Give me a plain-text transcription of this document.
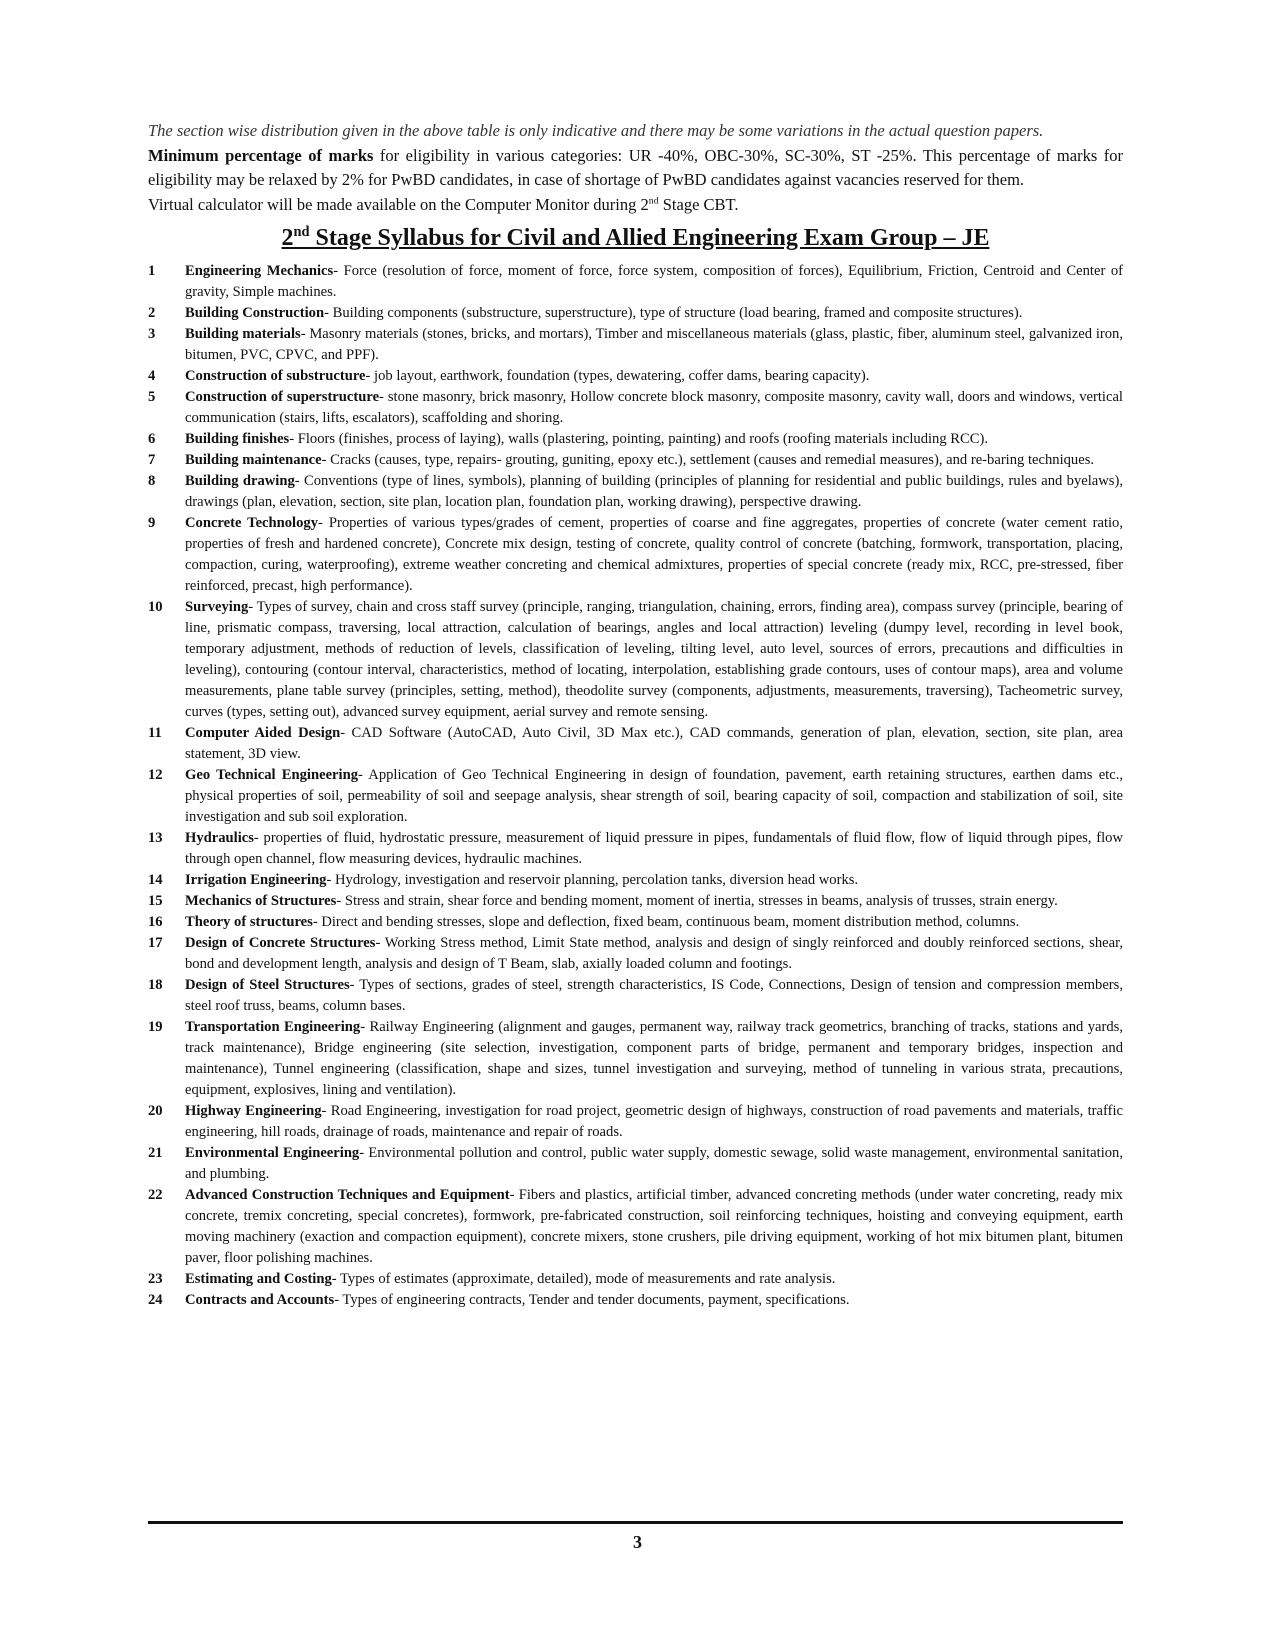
The section wise distribution given in the above table is only indicative and there may be some variations in the actual question papers.

Minimum percentage of marks for eligibility in various categories: UR -40%, OBC-30%, SC-30%, ST -25%. This percentage of marks for eligibility may be relaxed by 2% for PwBD candidates, in case of shortage of PwBD candidates against vacancies reserved for them.

Virtual calculator will be made available on the Computer Monitor during 2nd Stage CBT.

2nd Stage Syllabus for Civil and Allied Engineering Exam Group – JE
1	Engineering Mechanics- Force (resolution of force, moment of force, force system, composition of forces), Equilibrium, Friction, Centroid and Center of gravity, Simple machines.
2	Building Construction- Building components (substructure, superstructure), type of structure (load bearing, framed and composite structures).
3	Building materials- Masonry materials (stones, bricks, and mortars), Timber and miscellaneous materials (glass, plastic, fiber, aluminum steel, galvanized iron, bitumen, PVC, CPVC, and PPF).
4	Construction of substructure- job layout, earthwork, foundation (types, dewatering, coffer dams, bearing capacity).
5	Construction of superstructure- stone masonry, brick masonry, Hollow concrete block masonry, composite masonry, cavity wall, doors and windows, vertical communication (stairs, lifts, escalators), scaffolding and shoring.
6	Building finishes- Floors (finishes, process of laying), walls (plastering, pointing, painting) and roofs (roofing materials including RCC).
7	Building maintenance- Cracks (causes, type, repairs- grouting, guniting, epoxy etc.), settlement (causes and remedial measures), and re-baring techniques.
8	Building drawing- Conventions (type of lines, symbols), planning of building (principles of planning for residential and public buildings, rules and byelaws), drawings (plan, elevation, section, site plan, location plan, foundation plan, working drawing), perspective drawing.
9	Concrete Technology- Properties of various types/grades of cement, properties of coarse and fine aggregates, properties of concrete (water cement ratio, properties of fresh and hardened concrete), Concrete mix design, testing of concrete, quality control of concrete (batching, formwork, transportation, placing, compaction, curing, waterproofing), extreme weather concreting and chemical admixtures, properties of special concrete (ready mix, RCC, pre-stressed, fiber reinforced, precast, high performance).
10	Surveying- Types of survey, chain and cross staff survey (principle, ranging, triangulation, chaining, errors, finding area), compass survey (principle, bearing of line, prismatic compass, traversing, local attraction, calculation of bearings, angles and local attraction) leveling (dumpy level, recording in level book, temporary adjustment, methods of reduction of levels, classification of leveling, tilting level, auto level, sources of errors, precautions and difficulties in leveling), contouring (contour interval, characteristics, method of locating, interpolation, establishing grade contours, uses of contour maps), area and volume measurements, plane table survey (principles, setting, method), theodolite survey (components, adjustments, measurements, traversing), Tacheometric survey, curves (types, setting out), advanced survey equipment, aerial survey and remote sensing.
11	Computer Aided Design- CAD Software (AutoCAD, Auto Civil, 3D Max etc.), CAD commands, generation of plan, elevation, section, site plan, area statement, 3D view.
12	Geo Technical Engineering- Application of Geo Technical Engineering in design of foundation, pavement, earth retaining structures, earthen dams etc., physical properties of soil, permeability of soil and seepage analysis, shear strength of soil, bearing capacity of soil, compaction and stabilization of soil, site investigation and sub soil exploration.
13	Hydraulics- properties of fluid, hydrostatic pressure, measurement of liquid pressure in pipes, fundamentals of fluid flow, flow of liquid through pipes, flow through open channel, flow measuring devices, hydraulic machines.
14	Irrigation Engineering- Hydrology, investigation and reservoir planning, percolation tanks, diversion head works.
15	Mechanics of Structures- Stress and strain, shear force and bending moment, moment of inertia, stresses in beams, analysis of trusses, strain energy.
16	Theory of structures- Direct and bending stresses, slope and deflection, fixed beam, continuous beam, moment distribution method, columns.
17	Design of Concrete Structures- Working Stress method, Limit State method, analysis and design of singly reinforced and doubly reinforced sections, shear, bond and development length, analysis and design of T Beam, slab, axially loaded column and footings.
18	Design of Steel Structures- Types of sections, grades of steel, strength characteristics, IS Code, Connections, Design of tension and compression members, steel roof truss, beams, column bases.
19	Transportation Engineering- Railway Engineering (alignment and gauges, permanent way, railway track geometrics, branching of tracks, stations and yards, track maintenance), Bridge engineering (site selection, investigation, component parts of bridge, permanent and temporary bridges, inspection and maintenance), Tunnel engineering (classification, shape and sizes, tunnel investigation and surveying, method of tunneling in various strata, precautions, equipment, explosives, lining and ventilation).
20	Highway Engineering- Road Engineering, investigation for road project, geometric design of highways, construction of road pavements and materials, traffic engineering, hill roads, drainage of roads, maintenance and repair of roads.
21	Environmental Engineering- Environmental pollution and control, public water supply, domestic sewage, solid waste management, environmental sanitation, and plumbing.
22	Advanced Construction Techniques and Equipment- Fibers and plastics, artificial timber, advanced concreting methods (under water concreting, ready mix concrete, tremix concreting, special concretes), formwork, pre-fabricated construction, soil reinforcing techniques, hoisting and conveying equipment, earth moving machinery (exaction and compaction equipment), concrete mixers, stone crushers, pile driving equipment, working of hot mix bitumen plant, bitumen paver, floor polishing machines.
23	Estimating and Costing- Types of estimates (approximate, detailed), mode of measurements and rate analysis.
24	Contracts and Accounts- Types of engineering contracts, Tender and tender documents, payment, specifications.
3
